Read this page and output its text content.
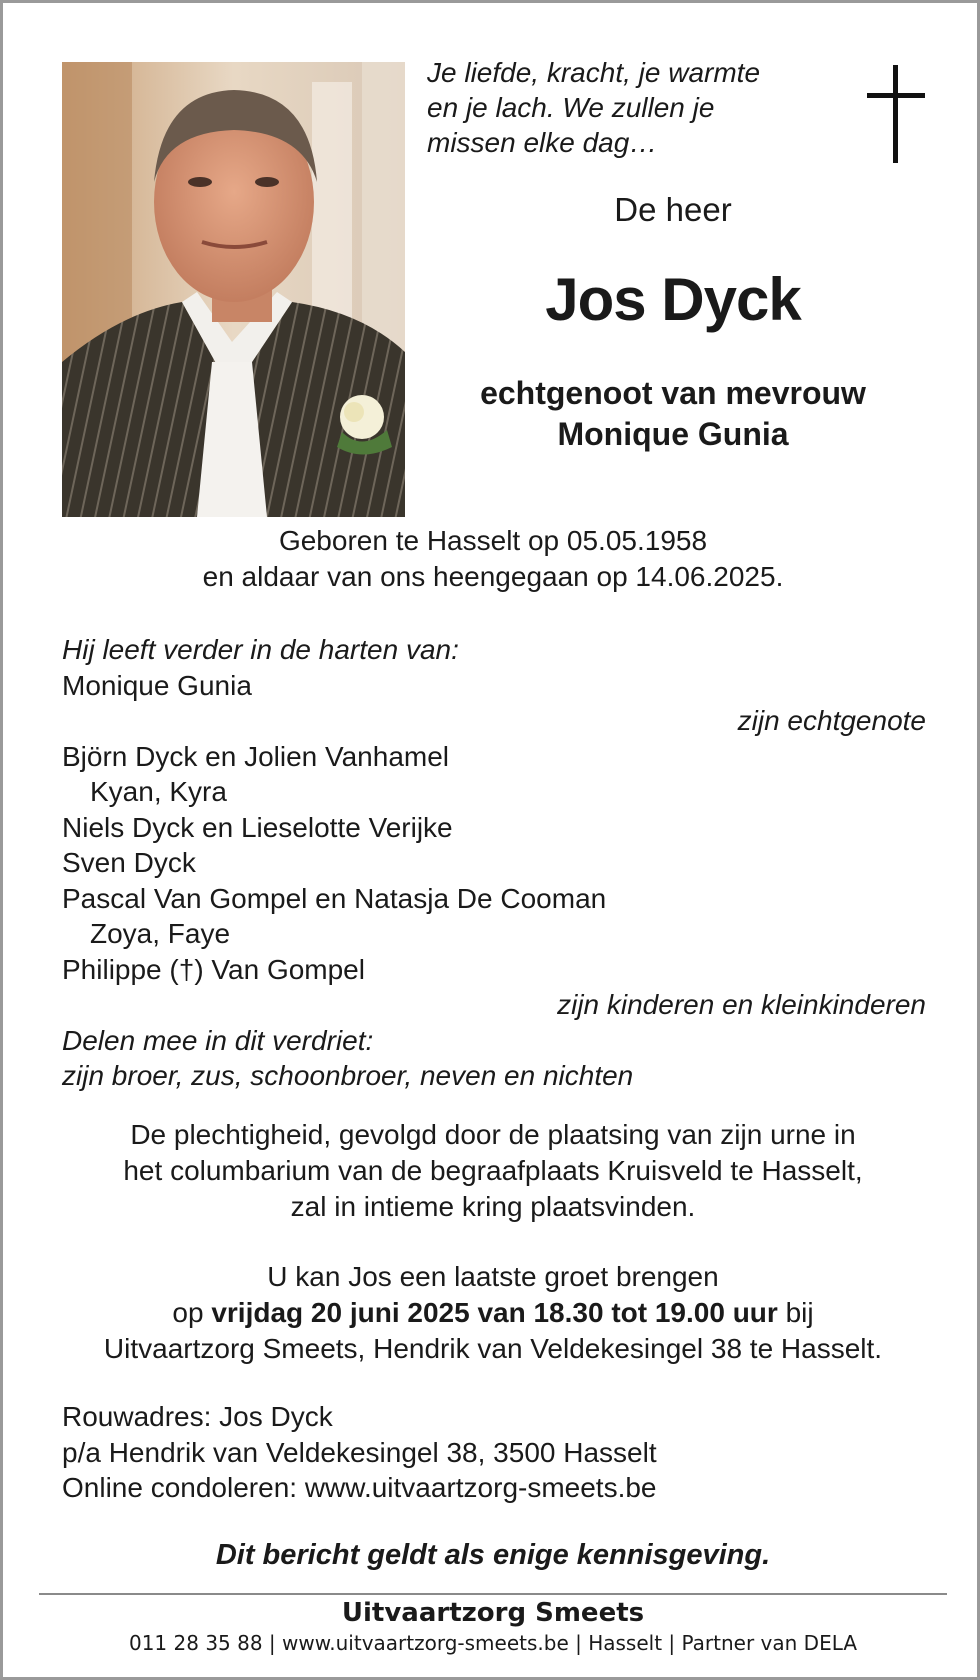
Je liefde, kracht, je warmte
en je lach. We zullen je
missen elke dag…
De heer
Jos Dyck
echtgenoot van mevrouw
Monique Gunia
Geboren te Hasselt op 05.05.1958
en aldaar van ons heengegaan op 14.06.2025.
Hij leeft verder in de harten van:
Monique Gunia
zijn echtgenote
Björn Dyck en Jolien Vanhamel
Kyan, Kyra
Niels Dyck en Lieselotte Verijke
Sven Dyck
Pascal Van Gompel en Natasja De Cooman
Zoya, Faye
Philippe (†) Van Gompel
zijn kinderen en kleinkinderen
Delen mee in dit verdriet:
zijn broer, zus, schoonbroer, neven en nichten
De plechtigheid, gevolgd door de plaatsing van zijn urne in
het columbarium van de begraafplaats Kruisveld te Hasselt,
zal in intieme kring plaatsvinden.
U kan Jos een laatste groet brengen
op vrijdag 20 juni 2025 van 18.30 tot 19.00 uur bij
Uitvaartzorg Smeets, Hendrik van Veldekesingel 38 te Hasselt.
Rouwadres: Jos Dyck
p/a Hendrik van Veldekesingel 38, 3500 Hasselt
Online condoleren: www.uitvaartzorg-smeets.be
Dit bericht geldt als enige kennisgeving.
Uitvaartzorg Smeets
011 28 35 88 | www.uitvaartzorg-smeets.be | Hasselt | Partner van DELA
